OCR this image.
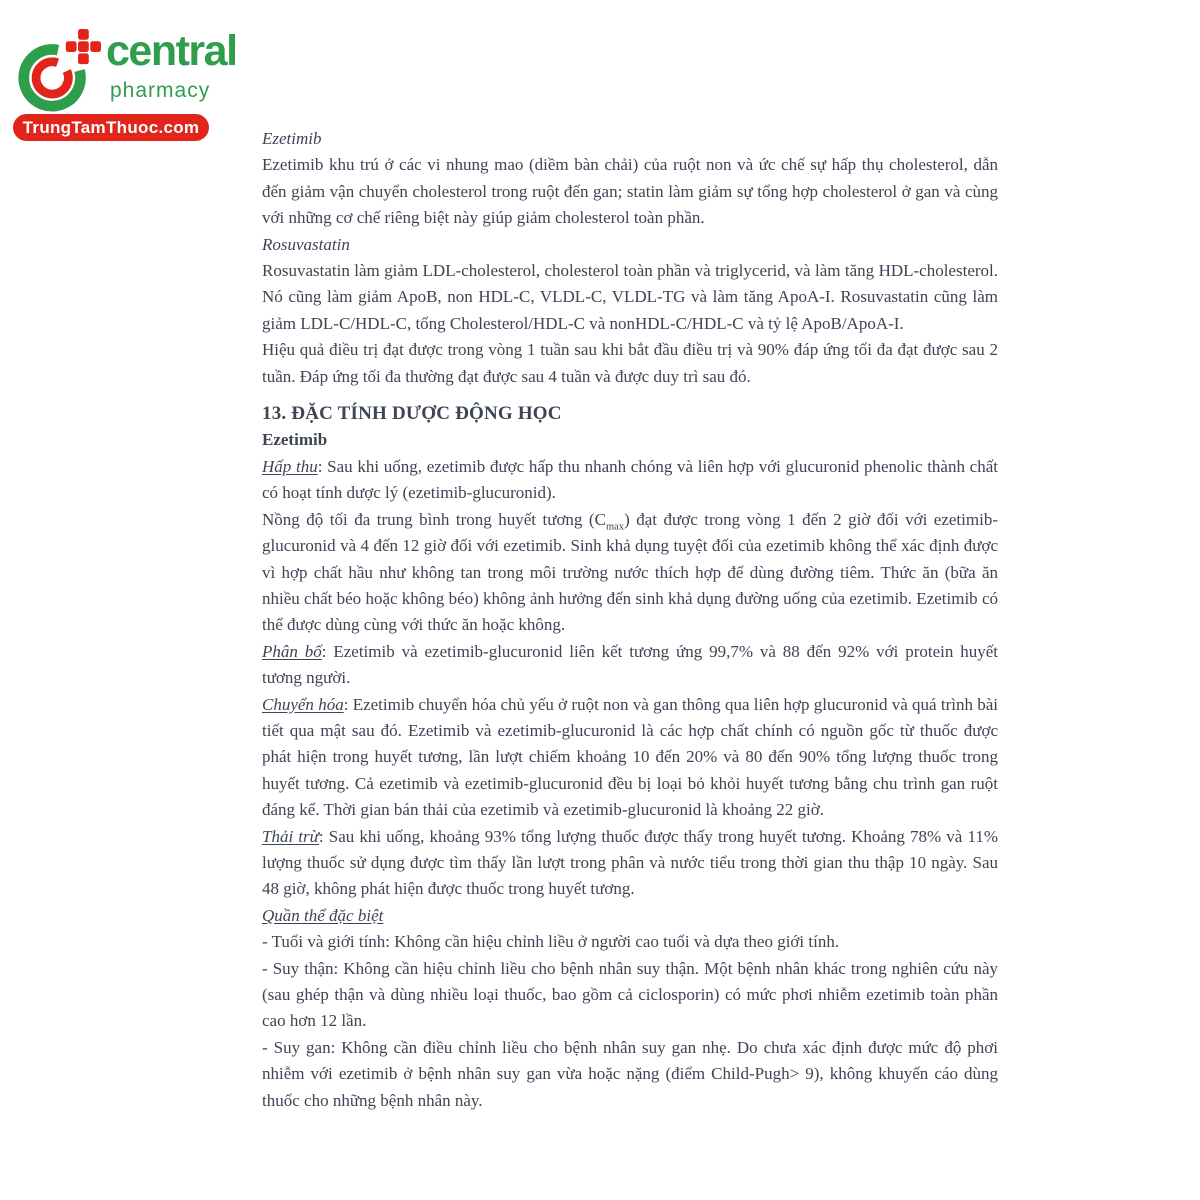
central
pharmacy
TrungTamThuoc.com

Ezetimib

Ezetimib khu trú ở các vi nhung mao (diềm bàn chải) của ruột non và ức chế sự hấp thụ cholesterol, dẫn đến giảm vận chuyển cholesterol trong ruột đến gan; statin làm giảm sự tổng hợp cholesterol ở gan và cùng với những cơ chế riêng biệt này giúp giảm cholesterol toàn phần.

Rosuvastatin

Rosuvastatin làm giảm LDL-cholesterol, cholesterol toàn phần và triglycerid, và làm tăng HDL-cholesterol. Nó cũng làm giảm ApoB, non HDL-C, VLDL-C, VLDL-TG và làm tăng ApoA-I. Rosuvastatin cũng làm giảm LDL-C/HDL-C, tổng Cholesterol/HDL-C và nonHDL-C/HDL-C và tỷ lệ ApoB/ApoA-I.

Hiệu quả điều trị đạt được trong vòng 1 tuần sau khi bắt đầu điều trị và 90% đáp ứng tối đa đạt được sau 2 tuần. Đáp ứng tối đa thường đạt được sau 4 tuần và được duy trì sau đó.

13. ĐẶC TÍNH DƯỢC ĐỘNG HỌC

Ezetimib

Hấp thu: Sau khi uống, ezetimib được hấp thu nhanh chóng và liên hợp với glucuronid phenolic thành chất có hoạt tính dược lý (ezetimib-glucuronid).

Nồng độ tối đa trung bình trong huyết tương $(C_{max})$ đạt được trong vòng 1 đến 2 giờ đối với ezetimib-glucuronid và 4 đến 12 giờ đối với ezetimib. Sinh khả dụng tuyệt đối của ezetimib không thể xác định được vì hợp chất hầu như không tan trong môi trường nước thích hợp để dùng đường tiêm. Thức ăn (bữa ăn nhiều chất béo hoặc không béo) không ảnh hưởng đến sinh khả dụng đường uống của ezetimib. Ezetimib có thể được dùng cùng với thức ăn hoặc không.

Phân bố: Ezetimib và ezetimib-glucuronid liên kết tương ứng 99,7% và 88 đến 92% với protein huyết tương người.

Chuyển hóa: Ezetimib chuyển hóa chủ yếu ở ruột non và gan thông qua liên hợp glucuronid và quá trình bài tiết qua mật sau đó. Ezetimib và ezetimib-glucuronid là các hợp chất chính có nguồn gốc từ thuốc được phát hiện trong huyết tương, lần lượt chiếm khoảng 10 đến 20% và 80 đến 90% tổng lượng thuốc trong huyết tương. Cả ezetimib và ezetimib-glucuronid đều bị loại bỏ khỏi huyết tương bằng chu trình gan ruột đáng kể. Thời gian bán thải của ezetimib và ezetimib-glucuronid là khoảng 22 giờ.

Thải trừ: Sau khi uống, khoảng 93% tổng lượng thuốc được thấy trong huyết tương. Khoảng 78% và 11% lượng thuốc sử dụng được tìm thấy lần lượt trong phân và nước tiểu trong thời gian thu thập 10 ngày. Sau 48 giờ, không phát hiện được thuốc trong huyết tương.

Quần thể đặc biệt

- Tuổi và giới tính: Không cần hiệu chỉnh liều ở người cao tuổi và dựa theo giới tính.

- Suy thận: Không cần hiệu chỉnh liều cho bệnh nhân suy thận. Một bệnh nhân khác trong nghiên cứu này (sau ghép thận và dùng nhiều loại thuốc, bao gồm cả ciclosporin) có mức phơi nhiễm ezetimib toàn phần cao hơn 12 lần.

- Suy gan: Không cần điều chỉnh liều cho bệnh nhân suy gan nhẹ. Do chưa xác định được mức độ phơi nhiễm với ezetimib ở bệnh nhân suy gan vừa hoặc nặng (điểm Child-Pugh> 9), không khuyến cáo dùng thuốc cho những bệnh nhân này.
